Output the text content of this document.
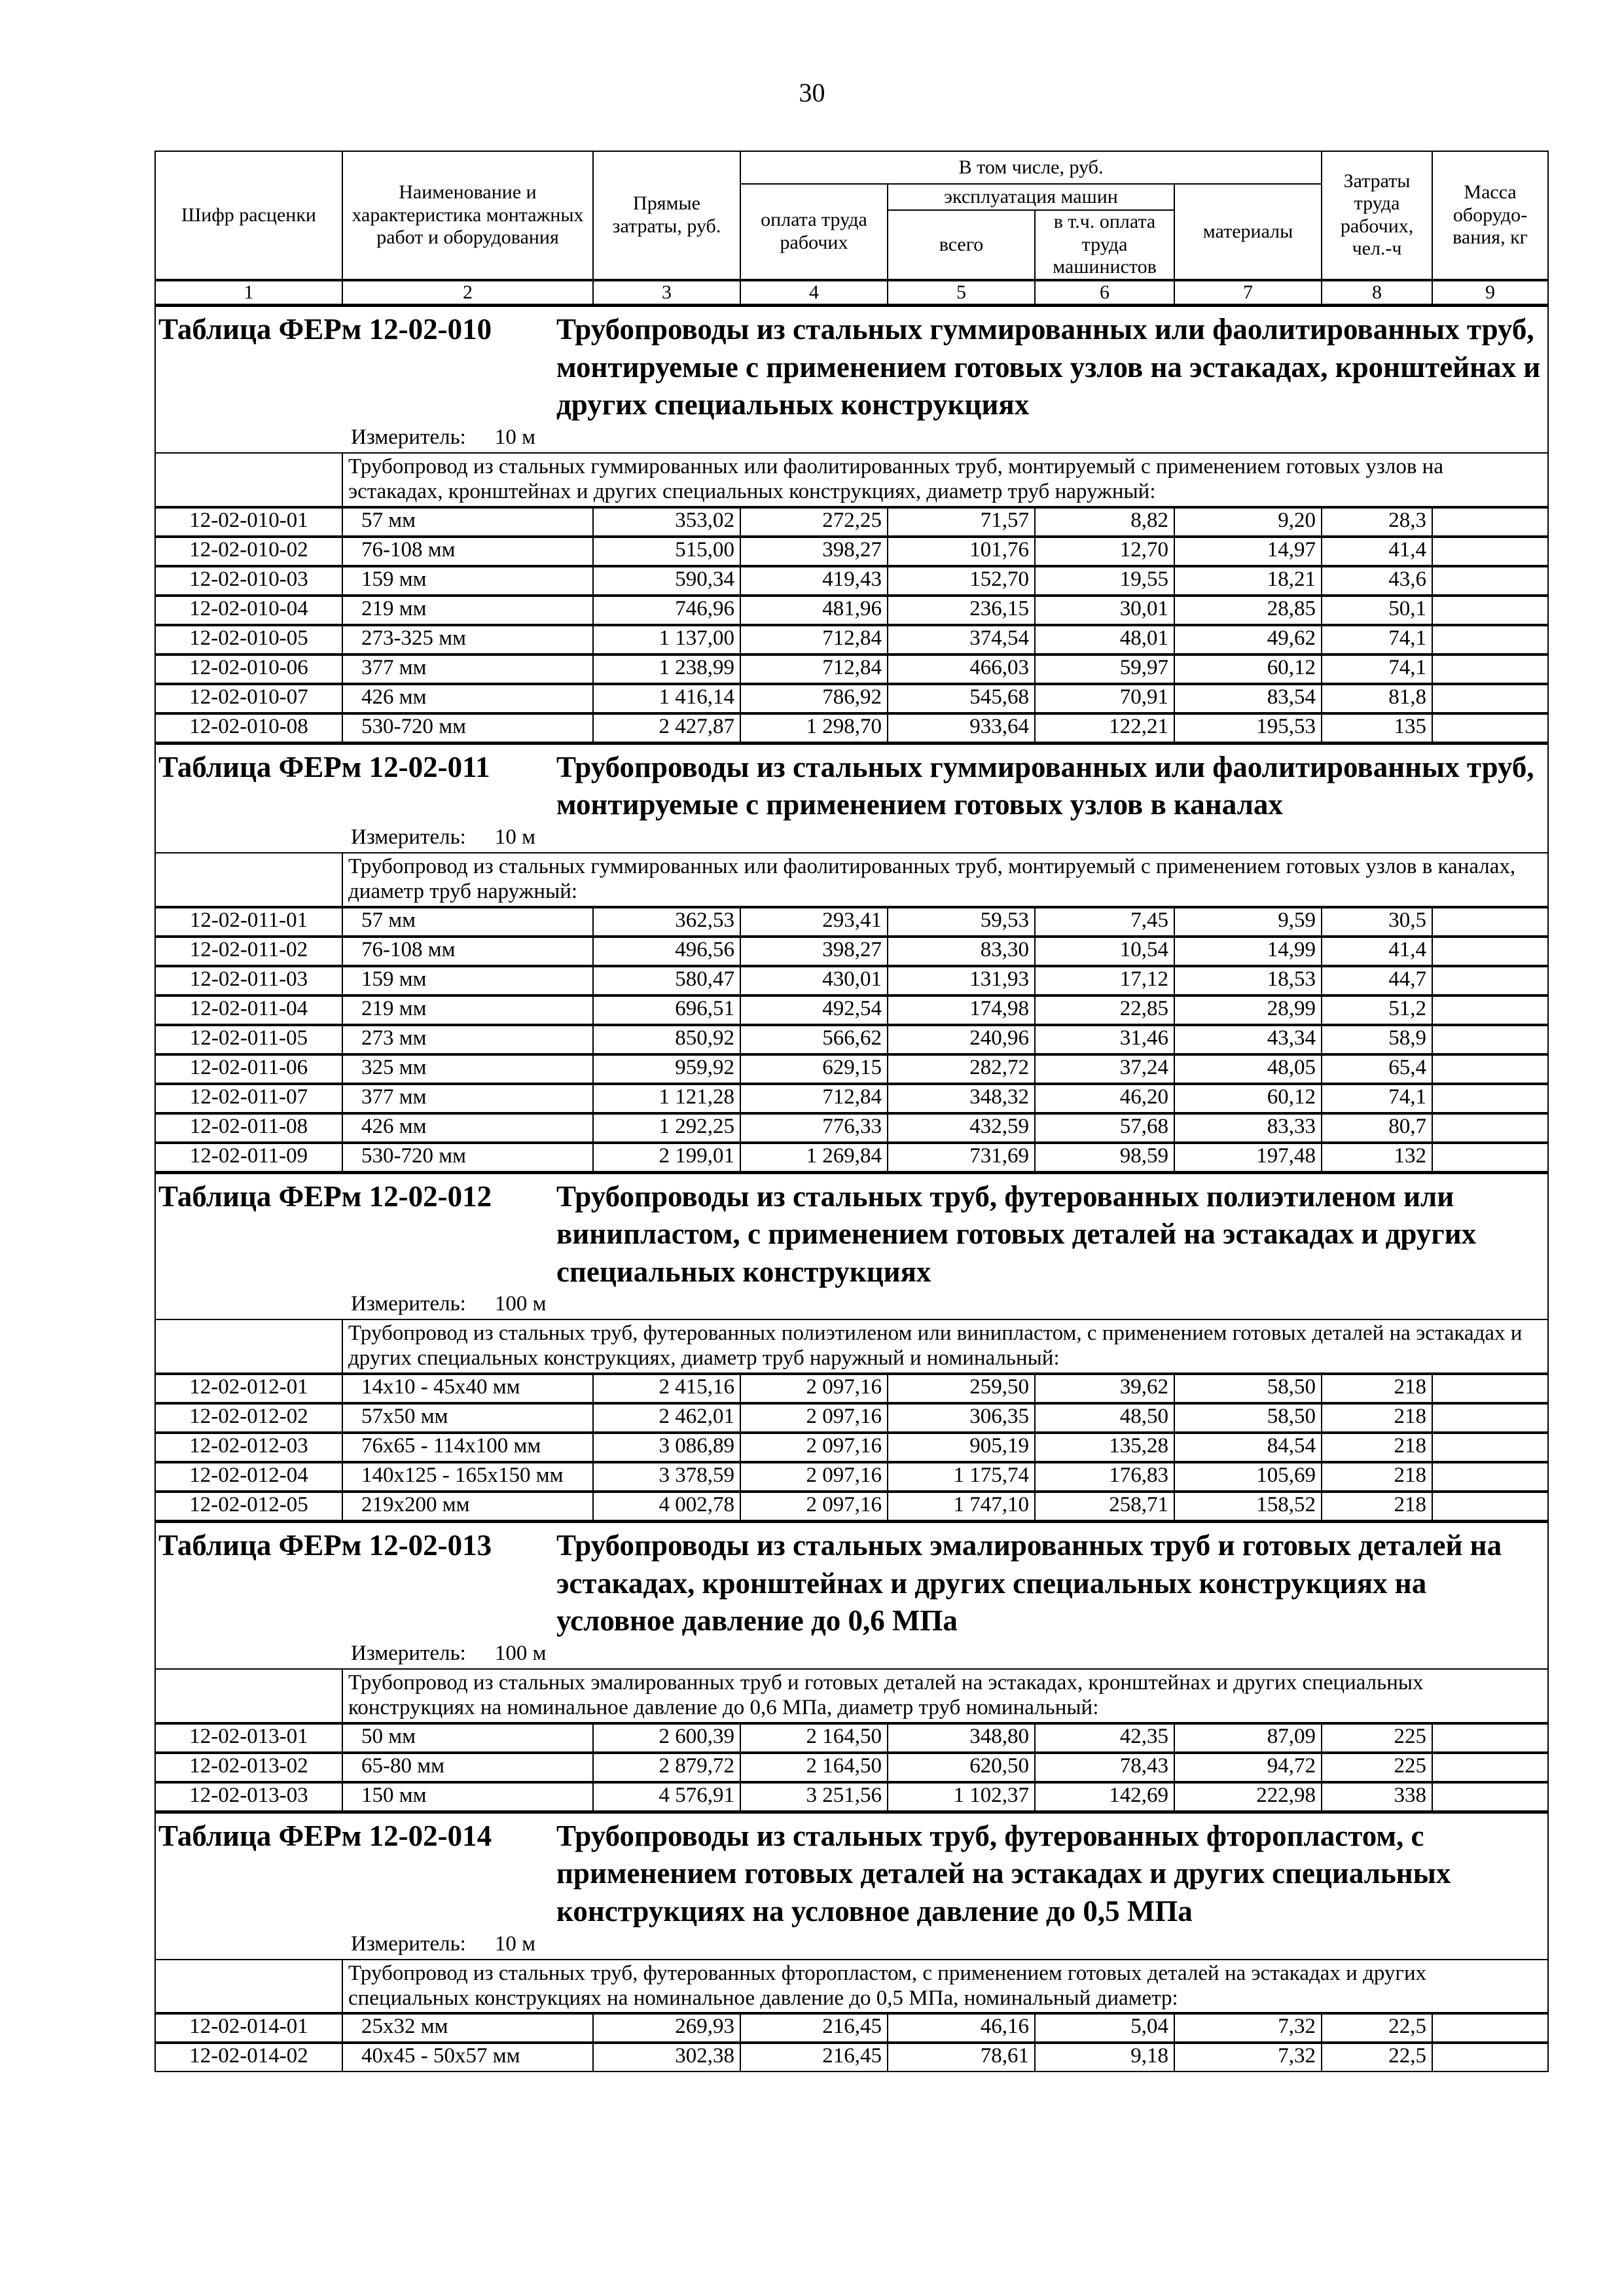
30
Шифр расценки	Наименование и характеристика монтажных работ и оборудования	Прямые затраты, руб.	В том числе, руб.				Затраты труда рабочих, чел.-ч	Масса оборудо-вания, кг
			оплата труда рабочих	эксплуатация машин		материалы		
				всего	в т.ч. оплата труда машинистов			
1	2	3	4	5	6	7	8	9

Таблица ФЕРм 12-02-010 Трубопроводы из стальных гуммированных или фаолитированных труб, монтируемые с применением готовых узлов на эстакадах, кронштейнах и других специальных конструкциях
Измеритель: 10 м								

	Трубопровод из стальных гуммированных или фаолитированных труб, монтируемый с применением готовых узлов на эстакадах, кронштейнах и других специальных конструкциях, диаметр труб наружный:							
12-02-010-01	57 мм	353,02	272,25	71,57	8,82	9,20	28,3	
12-02-010-02	76-108 мм	515,00	398,27	101,76	12,70	14,97	41,4	
12-02-010-03	159 мм	590,34	419,43	152,70	19,55	18,21	43,6	
12-02-010-04	219 мм	746,96	481,96	236,15	30,01	28,85	50,1	
12-02-010-05	273-325 мм	1 137,00	712,84	374,54	48,01	49,62	74,1	
12-02-010-06	377 мм	1 238,99	712,84	466,03	59,97	60,12	74,1	
12-02-010-07	426 мм	1 416,14	786,92	545,68	70,91	83,54	81,8	
12-02-010-08	530-720 мм	2 427,87	1 298,70	933,64	122,21	195,53	135	

Таблица ФЕРм 12-02-011 Трубопроводы из стальных гуммированных или фаолитированных труб, монтируемые с применением готовых узлов в каналах
Измеритель: 10 м								

	Трубопровод из стальных гуммированных или фаолитированных труб, монтируемый с применением готовых узлов в каналах, диаметр труб наружный:							
12-02-011-01	57 мм	362,53	293,41	59,53	7,45	9,59	30,5	
12-02-011-02	76-108 мм	496,56	398,27	83,30	10,54	14,99	41,4	
12-02-011-03	159 мм	580,47	430,01	131,93	17,12	18,53	44,7	
12-02-011-04	219 мм	696,51	492,54	174,98	22,85	28,99	51,2	
12-02-011-05	273 мм	850,92	566,62	240,96	31,46	43,34	58,9	
12-02-011-06	325 мм	959,92	629,15	282,72	37,24	48,05	65,4	
12-02-011-07	377 мм	1 121,28	712,84	348,32	46,20	60,12	74,1	
12-02-011-08	426 мм	1 292,25	776,33	432,59	57,68	83,33	80,7	
12-02-011-09	530-720 мм	2 199,01	1 269,84	731,69	98,59	197,48	132	

Таблица ФЕРм 12-02-012 Трубопроводы из стальных труб, футерованных полиэтиленом или винипластом, с применением готовых деталей на эстакадах и других специальных конструкциях
Измеритель: 100 м								

	Трубопровод из стальных труб, футерованных полиэтиленом или винипластом, с применением готовых деталей на эстакадах и других специальных конструкциях, диаметр труб наружный и номинальный:							
12-02-012-01	14х10 - 45х40 мм	2 415,16	2 097,16	259,50	39,62	58,50	218	
12-02-012-02	57х50 мм	2 462,01	2 097,16	306,35	48,50	58,50	218	
12-02-012-03	76х65 - 114х100 мм	3 086,89	2 097,16	905,19	135,28	84,54	218	
12-02-012-04	140х125 - 165х150 мм	3 378,59	2 097,16	1 175,74	176,83	105,69	218	
12-02-012-05	219х200 мм	4 002,78	2 097,16	1 747,10	258,71	158,52	218	

Таблица ФЕРм 12-02-013 Трубопроводы из стальных эмалированных труб и готовых деталей на эстакадах, кронштейнах и других специальных конструкциях на условное давление до 0,6 МПа
Измеритель: 100 м								

	Трубопровод из стальных эмалированных труб и готовых деталей на эстакадах, кронштейнах и других специальных конструкциях на номинальное давление до 0,6 МПа, диаметр труб номинальный:							
12-02-013-01	50 мм	2 600,39	2 164,50	348,80	42,35	87,09	225	
12-02-013-02	65-80 мм	2 879,72	2 164,50	620,50	78,43	94,72	225	
12-02-013-03	150 мм	4 576,91	3 251,56	1 102,37	142,69	222,98	338	

Таблица ФЕРм 12-02-014 Трубопроводы из стальных труб, футерованных фторопластом, с применением готовых деталей на эстакадах и других специальных конструкциях на условное давление до 0,5 МПа
Измеритель: 10 м								

	Трубопровод из стальных труб, футерованных фторопластом, с применением готовых деталей на эстакадах и других специальных конструкциях на номинальное давление до 0,5 МПа, номинальный диаметр:							
12-02-014-01	25х32 мм	269,93	216,45	46,16	5,04	7,32	22,5	
12-02-014-02	40х45 - 50х57 мм	302,38	216,45	78,61	9,18	7,32	22,5	
